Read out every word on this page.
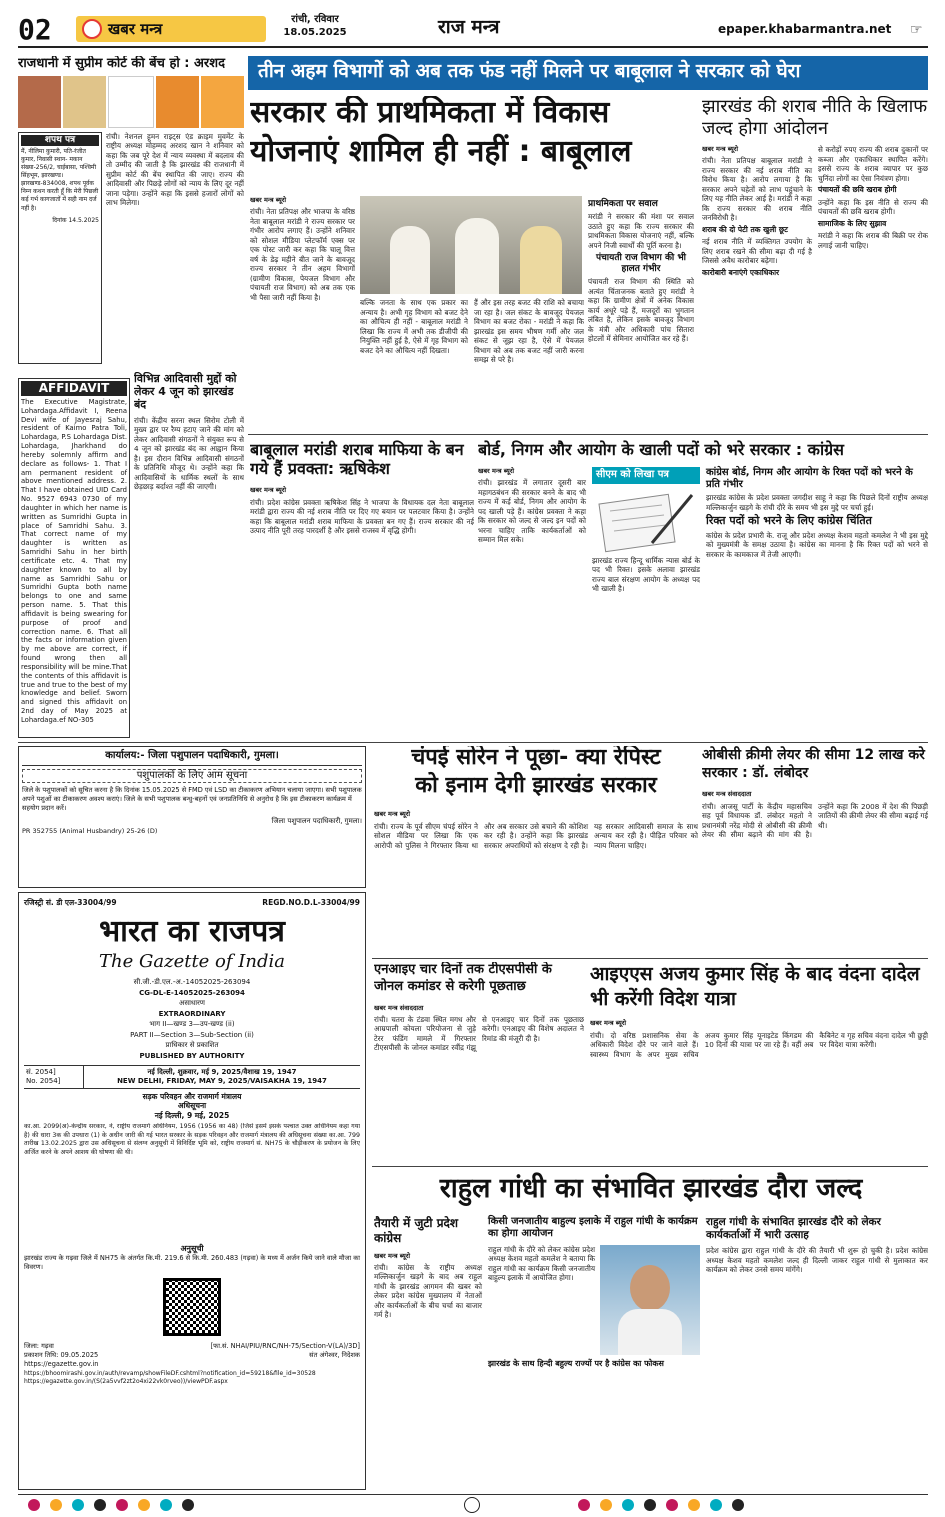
02	खबर मन्त्र
रांची, रविवार
18.05.2025	राज मन्त्र	epaper.khabarmantra.net ☞
राजधानी में सुप्रीम कोर्ट की बेंच हो : अरशद
शपथ पत्र
मैं, नीलिमा कुमारी, पति-रंजीत कुमार, निवासी स्थान- मकान संख्या-256/2, चाईबासा, पश्चिमी सिंहभूम, झारखण्ड। झारखण्ड-834008, शपथ पूर्वक निम्न कथन करती हूँ कि मेरी पिछली कई गर्भ कागजातों में सही नाम दर्ज नहीं है।
दिनांक 14.5.2025
रांची। नेशनल हूमन राइट्स एंड क्राइम मुवमेंट के राष्ट्रीय अध्यक्ष मोहम्मद अरशद खान ने शनिवार को कहा कि जब पूरे देश में न्याय व्यवस्था में बदलाव की तो उम्मीद की जाती है कि झारखंड की राजधानी में सुप्रीम कोर्ट की बेंच स्थापित की जाए। राज्य की आदिवासी और पिछड़े लोगों को न्याय के लिए दूर नहीं जाना पड़ेगा। उन्होंने कहा कि इससे हजारों लोगों को लाभ मिलेगा।
AFFIDAVIT
The Executive Magistrate, Lohardaga.Affidavit I, Reena Devi wife of Jayesraj Sahu, resident of Kaimo Patra Toli, Lohardaga, P.S Lohardaga Dist. Lohardaga, Jharkhand do hereby solemnly affirm and declare as follows- 1. That I am permanent resident of above mentioned address. 2. That I have obtained UID Card No. 9527 6943 0730 of my daughter in which her name is written as Sumridhi Gupta in place of Samridhi Sahu. 3. That correct name of my daughter is written as Samridhi Sahu in her birth certificate etc. 4. That my daughter known to all by name as Samridhi Sahu or Sumridhi Gupta both name belongs to one and same person name. 5. That this affidavit is being swearing for purpose of proof and correction name. 6. That all the facts or information given by me above are correct, if found wrong then all responsibility will be mine.That the contents of this affidavit is true and true to the best of my knowledge and belief. Sworn and signed this affidavit on 2nd day of May 2025 at Lohardaga.ef NO-305
विभिन्न आदिवासी मुद्दों को लेकर 4 जून को झारखंड बंद
रांची। केंद्रीय सरना स्थल सिरोम टोली में मुख्य द्वार पर रैम्प हटाए जाने की मांग को लेकर आदिवासी संगठनों ने संयुक्त रूप से 4 जून को झारखंड बंद का आह्वान किया है। इस दौरान विभिन्न आदिवासी संगठनों के प्रतिनिधि मौजूद थे। उन्होंने कहा कि आदिवासियों के धार्मिक स्थलों के साथ छेड़छाड़ बर्दाश्त नहीं की जाएगी।
तीन अहम विभागों को अब तक फंड नहीं मिलने पर बाबूलाल ने सरकार को घेरा
सरकार की प्राथमिकता में विकास
योजनाएं शामिल ही नहीं : बाबूलाल
खबर मन्त्र ब्यूरो
रांची। नेता प्रतिपक्ष और भाजपा के वरिष्ठ नेता बाबूलाल मरांडी ने राज्य सरकार पर गंभीर आरोप लगाए हैं। उन्होंने शनिवार को सोशल मीडिया प्लेटफॉर्म एक्स पर एक पोस्ट जारी कर कहा कि चालू वित्त वर्ष के डेढ़ महीने बीत जाने के बावजूद राज्य सरकार ने तीन अहम विभागों (ग्रामीण विकास, पेयजल विभाग और पंचायती राज विभाग) को अब तक एक भी पैसा जारी नहीं किया है।
बल्कि जनता के साथ एक प्रकार का अन्याय है। अभी गृह विभाग को बजट देने का औचित्य ही नहीं - बाबूलाल मरांडी ने लिखा कि राज्य में अभी तक डीजीपी की नियुक्ति नहीं हुई है, ऐसे में गृह विभाग को बजट देने का औचित्य नहीं दिखता।
हैं और इस तरह बजट की राशि को बचाया जा रहा है। जल संकट के बावजूद पेयजल विभाग का बजट रोका - मरांडी ने कहा कि झारखंड इस समय भीषण गर्मी और जल संकट से जूझ रहा है, ऐसे में पेयजल विभाग को अब तक बजट नहीं जारी करना समझ से परे है।
प्राथमिकता पर सवाल
मरांडी ने सरकार की मंशा पर सवाल उठाते हुए कहा कि राज्य सरकार की प्राथमिकता विकास योजनाएं नहीं, बल्कि अपने निजी स्वार्थों की पूर्ति करना है।
पंचायती राज विभाग की भी हालत गंभीर
पंचायती राज विभाग की स्थिति को अत्यंत चिंताजनक बताते हुए मरांडी ने कहा कि ग्रामीण क्षेत्रों में अनेक विकास कार्य अधूरे पड़े हैं, मजदूरों का भुगतान लंबित है, लेकिन इसके बावजूद विभाग के मंत्री और अधिकारी पांच सितारा होटलों में सेमिनार आयोजित कर रहे हैं।
झारखंड की शराब नीति के खिलाफ जल्द होगा आंदोलन
खबर मन्त्र ब्यूरो
रांची। नेता प्रतिपक्ष बाबूलाल मरांडी ने राज्य सरकार की नई शराब नीति का विरोध किया है। आरोप लगाया है कि सरकार अपने चहेतों को लाभ पहुंचाने के लिए यह नीति लेकर आई है। मरांडी ने कहा कि राज्य सरकार की शराब नीति जनविरोधी है।
शराब की दो पेटी तक खुली छूट
नई शराब नीति में व्यक्तिगत उपयोग के लिए शराब रखने की सीमा बढ़ा दी गई है जिससे अवैध कारोबार बढ़ेगा।
कारोबारी बनाएंगे एकाधिकार
से करोड़ों रुपए राज्य की शराब दुकानों पर कब्जा और एकाधिकार स्थापित करेंगे। इससे राज्य के शराब व्यापार पर कुछ चुनिंदा लोगों का ऐसा नियंत्रण होगा।
पंचायतों की छवि खराब होगी
उन्होंने कहा कि इस नीति से राज्य की पंचायतों की छवि खराब होगी।
सामाजिक के लिए सुझाव
मरांडी ने कहा कि शराब की बिक्री पर रोक लगाई जानी चाहिए।
बाबूलाल मरांडी शराब माफिया के बन गये हैं प्रवक्ता: ऋषिकेश
खबर मन्त्र ब्यूरो
रांची। प्रदेश कांग्रेस प्रवक्ता ऋषिकेश सिंह ने भाजपा के विधायक दल नेता बाबूलाल मरांडी द्वारा राज्य की नई शराब नीति पर दिए गए बयान पर पलटवार किया है। उन्होंने कहा कि बाबूलाल मरांडी शराब माफिया के प्रवक्ता बन गए हैं। राज्य सरकार की नई उत्पाद नीति पूरी तरह पारदर्शी है और इससे राजस्व में वृद्धि होगी।
बोर्ड, निगम और आयोग के खाली पदों को भरे सरकार : कांग्रेस
खबर मन्त्र ब्यूरो
रांची। झारखंड में लगातार दूसरी बार महागठबंधन की सरकार बनने के बाद भी राज्य में कई बोर्ड, निगम और आयोग के पद खाली पड़े हैं। कांग्रेस प्रवक्ता ने कहा कि सरकार को जल्द से जल्द इन पदों को भरना चाहिए ताकि कार्यकर्ताओं को सम्मान मिल सके।
सीएम को लिखा पत्र
झारखंड राज्य हिन्दू धार्मिक न्यास बोर्ड के पद भी रिक्त। इसके अलावा झारखंड राज्य बाल संरक्षण आयोग के अध्यक्ष पद भी खाली है।
कांग्रेस बोर्ड, निगम और आयोग के रिक्त पदों को भरने के प्रति गंभीर
झारखंड कांग्रेस के प्रदेश प्रवक्ता जगदीश साहू ने कहा कि पिछले दिनों राष्ट्रीय अध्यक्ष मल्लिकार्जुन खड़गे के रांची दौरे के समय भी इस मुद्दे पर चर्चा हुई।
रिक्त पदों को भरने के लिए कांग्रेस चिंतित
कांग्रेस के प्रदेश प्रभारी के. राजू और प्रदेश अध्यक्ष केशव महतो कमलेश ने भी इस मुद्दे को मुख्यमंत्री के समक्ष उठाया है। कांग्रेस का मानना है कि रिक्त पदों को भरने से सरकार के कामकाज में तेजी आएगी।
कार्यालय:- जिला पशुपालन पदाधिकारी, गुमला।
पशुपालकों के लिए आम सूचना
जिले के पशुपालकों को सूचित करना है कि दिनांक 15.05.2025 से FMD एवं LSD का टीकाकरण अभियान चलाया जाएगा। सभी पशुपालक अपने पशुओं का टीकाकरण अवश्य कराएं। जिले के सभी पशुपालक बन्धु-बहनों एवं जनप्रतिनिधि से अनुरोध है कि इस टीकाकरण कार्यक्रम में सहयोग प्रदान करें।
जिला पशुपालन पदाधिकारी, गुमला।
PR 352755 (Animal Husbandry) 25-26 (D)
रजिस्ट्री सं. डी एल-33004/99	REGD.NO.D.L-33004/99
भारत का राजपत्र
The Gazette of India
सी.जी.-डी.एल.-अ.-14052025-263094
CG-DL-E-14052025-263094
असाधारण
EXTRAORDINARY
भाग II—खण्ड 3—उप-खण्ड (ii)
PART II—Section 3—Sub-Section (ii)
प्राधिकार से प्रकाशित
PUBLISHED BY AUTHORITY
सं. 2054]
No. 2054]
नई दिल्ली, शुक्रवार, मई 9, 2025/वैशाख 19, 1947
NEW DELHI, FRIDAY, MAY 9, 2025/VAISAKHA 19, 1947
सड़क परिवहन और राजमार्ग मंत्रालय
अधिसूचना
नई दिल्ली, 9 मई, 2025
का.आ. 2099(अ)-केन्द्रीय सरकार, ने, राष्ट्रीय राजमार्ग अधिनियम, 1956 (1956 का 48) (जिसे इसमें इसके पश्चात उक्त अधिनियम कहा गया है) की धारा 3क की उपधारा (1) के अधीन जारी की गई भारत सरकार के सड़क परिवहन और राजमार्ग मंत्रालय की अधिसूचना संख्या का.आ. 799 तारीख 13.02.2025 द्वारा उस अधिसूचना से संलग्न अनुसूची में विनिर्दिष्ट भूमि को, राष्ट्रीय राजमार्ग सं. NH75 के चौड़ीकरण के प्रयोजन के लिए अर्जित करने के अपने आशय की घोषणा की थी।
अनुसूची
झारखंड राज्य के गढ़वा जिले में NH75 के अंतर्गत कि.मी. 219.6 से कि.मी. 260.483 (गढ़वा) के मध्य में अर्जन किये जाने वाले मौजा का विवरण।
जिला: गढ़वा
प्रकाशन तिथि: 09.05.2025
https://egazette.gov.in
[फा.सं. NHAI/PIU/RNC/NH-75/Section-V(LA)/3D]
संत अंगेश्वर, निदेशक
https://bhoomirashi.gov.in/auth/revamp/showFileDF.cshtml?notification_id=59218&file_id=30528
https://egazette.gov.in/(S(2a5vvf2zt2o4xi22vk0rveo))/viewPDF.aspx
चंपई सोरेन ने पूछा- क्या रेपिस्ट
को इनाम देगी झारखंड सरकार
खबर मन्त्र ब्यूरो
रांची। राज्य के पूर्व सीएम चंपई सोरेन ने सोशल मीडिया पर लिखा कि एक आरोपी को पुलिस ने गिरफ्तार किया था और अब सरकार उसे बचाने की कोशिश कर रही है। उन्होंने कहा कि झारखंड सरकार अपराधियों को संरक्षण दे रही है। यह सरकार आदिवासी समाज के साथ अन्याय कर रही है। पीड़ित परिवार को न्याय मिलना चाहिए।
ओबीसी क्रीमी लेयर की सीमा 12 लाख करे सरकार : डॉ. लंबोदर
खबर मन्त्र संवाददाता
रांची। आजसू पार्टी के केंद्रीय महासचिव सह पूर्व विधायक डॉ. लंबोदर महतो ने प्रधानमंत्री नरेंद्र मोदी से ओबीसी की क्रीमी लेयर की सीमा बढ़ाने की मांग की है। उन्होंने कहा कि 2008 में देश की पिछड़ी जातियों की क्रीमी लेयर की सीमा बढ़ाई गई थी।
एनआइए चार दिनों तक टीएसपीसी के जोनल कमांडर से करेगी पूछताछ
खबर मन्त्र संवाददाता
रांची। चतरा के टंडवा स्थित मगध और आम्रपाली कोयला परियोजना से जुड़े टेरर फंडिंग मामले में गिरफ्तार टीएसपीसी के जोनल कमांडर रवींद्र गंझू से एनआइए चार दिनों तक पूछताछ करेगी। एनआइए की विशेष अदालत ने रिमांड की मंजूरी दी है।
आइएएस अजय कुमार सिंह के बाद वंदना दादेल भी करेंगी विदेश यात्रा
खबर मन्त्र ब्यूरो
रांची। दो वरिष्ठ प्रशासनिक सेवा के अधिकारी विदेश दौरे पर जाने वाले हैं। स्वास्थ्य विभाग के अपर मुख्य सचिव अजय कुमार सिंह यूनाइटेड किंगडम की 10 दिनों की यात्रा पर जा रहे हैं। वहीं अब कैबिनेट व गृह सचिव वंदना दादेल भी छुट्टी पर विदेश यात्रा करेंगी।
राहुल गांधी का संभावित झारखंड दौरा जल्द
तैयारी में जुटी प्रदेश कांग्रेस
खबर मन्त्र ब्यूरो
रांची। कांग्रेस के राष्ट्रीय अध्यक्ष मल्लिकार्जुन खड़गे के बाद अब राहुल गांधी के झारखंड आगमन की खबर को लेकर प्रदेश कांग्रेस मुख्यालय में नेताओं और कार्यकर्ताओं के बीच चर्चा का बाजार गर्म है।
किसी जनजातीय बाहुल्य इलाके में राहुल गांधी के कार्यक्रम का होगा आयोजन
राहुल गांधी के दौरे को लेकर कांग्रेस प्रदेश अध्यक्ष केशव महतो कमलेश ने बताया कि राहुल गांधी का कार्यक्रम किसी जनजातीय बाहुल्य इलाके में आयोजित होगा।
झारखंड के साथ हिन्दी बहुल्य राज्यों पर है कांग्रेस का फोकस
राहुल गांधी के संभावित झारखंड दौरे को लेकर कार्यकर्ताओं में भारी उत्साह
प्रदेश कांग्रेस द्वारा राहुल गांधी के दौरे की तैयारी भी शुरू हो चुकी है। प्रदेश कांग्रेस अध्यक्ष केशव महतो कमलेश जल्द ही दिल्ली जाकर राहुल गांधी से मुलाकात कर कार्यक्रम को लेकर उनसे समय मांगेंगे।
